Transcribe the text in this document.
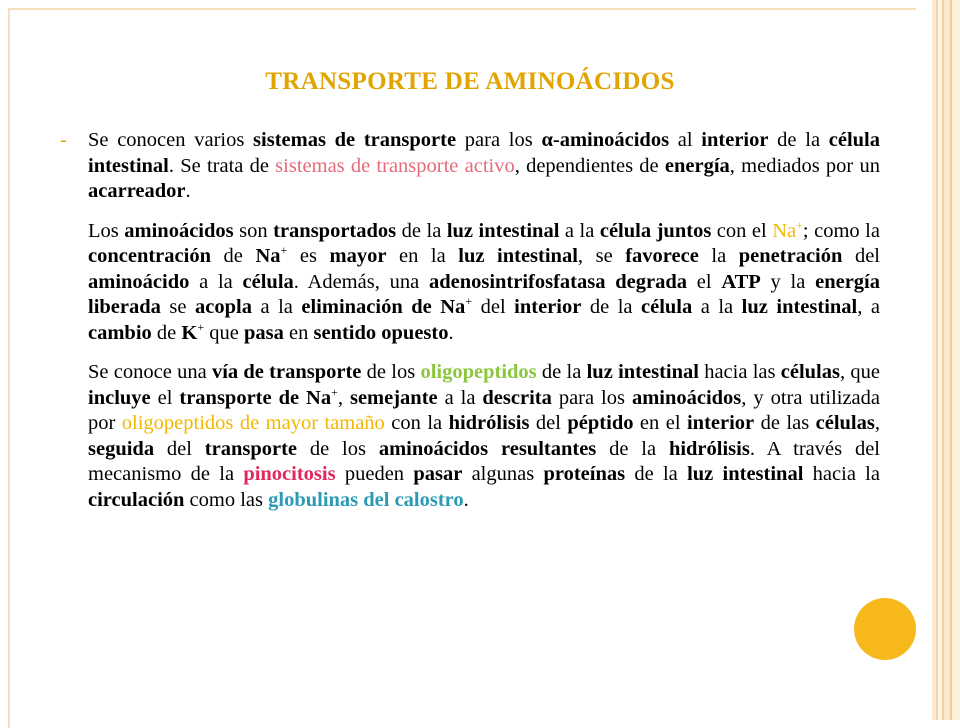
TRANSPORTE DE AMINOÁCIDOS

- Se conocen varios sistemas de transporte para los α-aminoácidos al interior de la célula intestinal. Se trata de sistemas de transporte activo, dependientes de energía, mediados por un acarreador.

Los aminoácidos son transportados de la luz intestinal a la célula juntos con el Na+; como la concentración de Na+ es mayor en la luz intestinal, se favorece la penetración del aminoácido a la célula. Además, una adenosintrifosfatasa degrada el ATP y la energía liberada se acopla a la eliminación de Na+ del interior de la célula a la luz intestinal, a cambio de K+ que pasa en sentido opuesto.

Se conoce una vía de transporte de los oligopeptidos de la luz intestinal hacia las células, que incluye el transporte de Na+, semejante a la descrita para los aminoácidos, y otra utilizada por oligopeptidos de mayor tamaño con la hidrólisis del péptido en el interior de las células, seguida del transporte de los aminoácidos resultantes de la hidrólisis. A través del mecanismo de la pinocitosis pueden pasar algunas proteínas de la luz intestinal hacia la circulación como las globulinas del calostro.
